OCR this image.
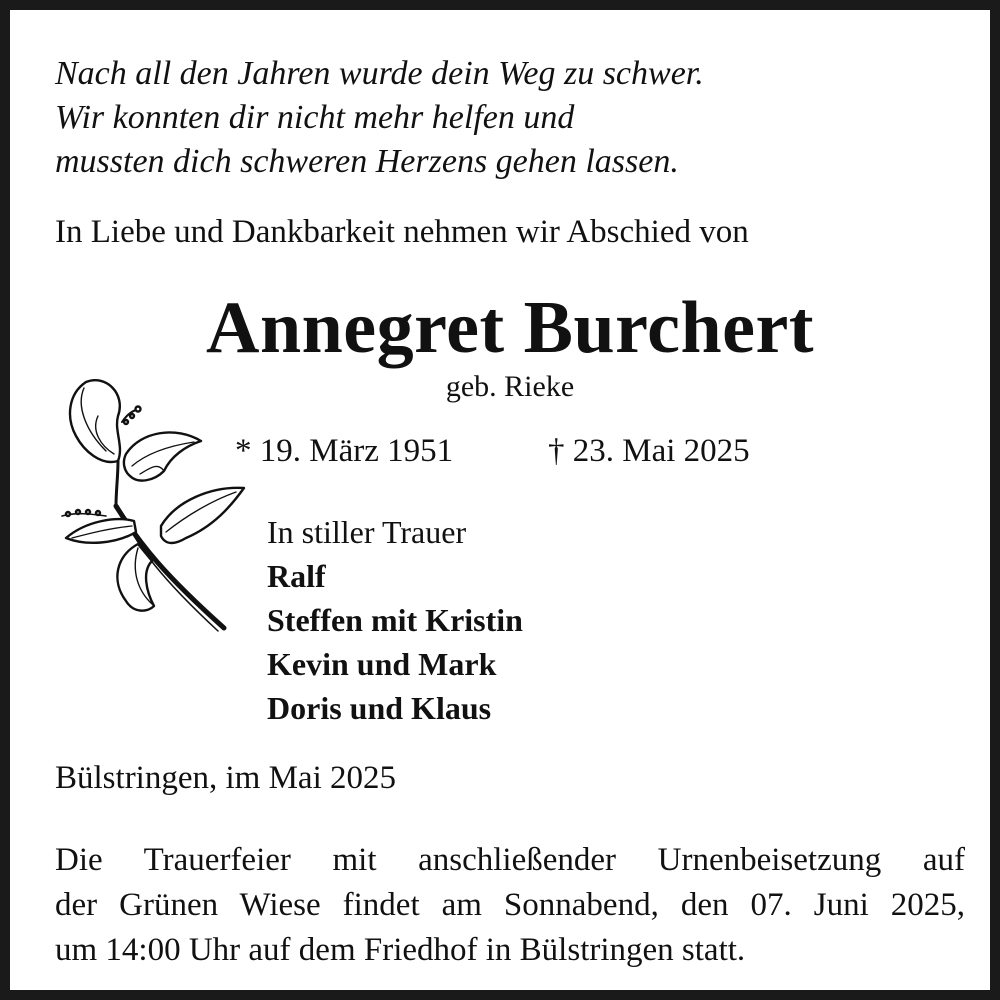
Nach all den Jahren wurde dein Weg zu schwer.
Wir konnten dir nicht mehr helfen und
mussten dich schweren Herzens gehen lassen.
In Liebe und Dankbarkeit nehmen wir Abschied von
Annegret Burchert
geb. Rieke
* 19. März 1951	† 23. Mai 2025
In stiller Trauer
Ralf
Steffen mit Kristin
Kevin und Mark
Doris und Klaus
Bülstringen, im Mai 2025
Die Trauerfeier mit anschließender Urnenbeisetzung auf
der Grünen Wiese findet am Sonnabend, den 07. Juni 2025,
um 14:00 Uhr auf dem Friedhof in Bülstringen statt.
